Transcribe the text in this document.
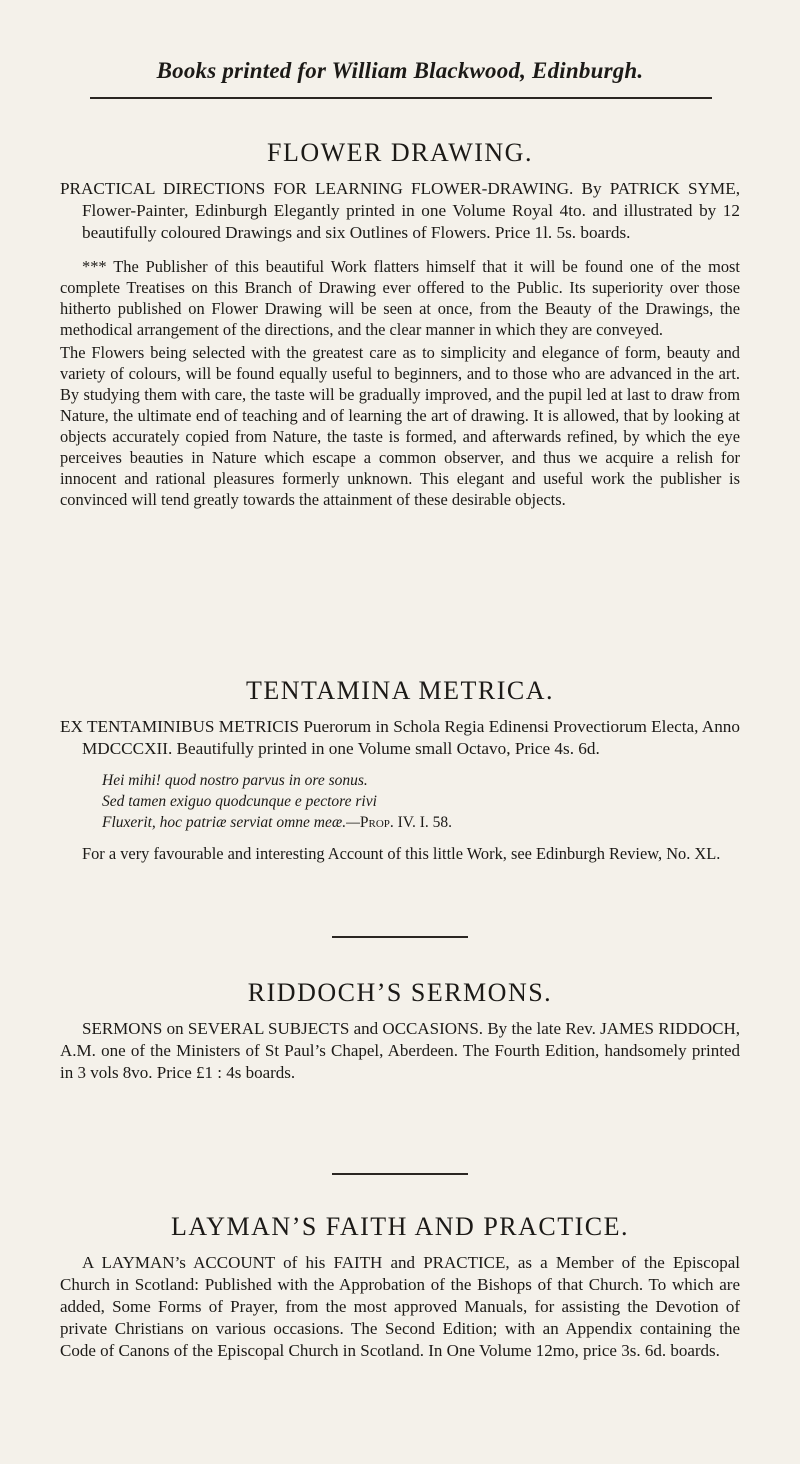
Books printed for William Blackwood, Edinburgh.
FLOWER DRAWING.

PRACTICAL DIRECTIONS FOR LEARNING FLOWER-DRAWING. By PATRICK SYME, Flower-Painter, Edinburgh Elegantly printed in one Volume Royal 4to. and illustrated by 12 beautifully coloured Drawings and six Outlines of Flowers. Price 1l. 5s. boards.

*** The Publisher of this beautiful Work flatters himself that it will be found one of the most complete Treatises on this Branch of Drawing ever offered to the Public. Its superiority over those hitherto published on Flower Drawing will be seen at once, from the Beauty of the Drawings, the methodical arrangement of the directions, and the clear manner in which they are conveyed.

The Flowers being selected with the greatest care as to simplicity and elegance of form, beauty and variety of colours, will be found equally useful to beginners, and to those who are advanced in the art. By studying them with care, the taste will be gradually improved, and the pupil led at last to draw from Nature, the ultimate end of teaching and of learning the art of drawing. It is allowed, that by looking at objects accurately copied from Nature, the taste is formed, and afterwards refined, by which the eye perceives beauties in Nature which escape a common observer, and thus we acquire a relish for innocent and rational pleasures formerly unknown. This elegant and useful work the publisher is convinced will tend greatly towards the attainment of these desirable objects.

TENTAMINA METRICA.

EX TENTAMINIBUS METRICIS Puerorum in Schola Regia Edinensi Provectiorum Electa, Anno MDCCCXII. Beautifully printed in one Volume small Octavo, Price 4s. 6d.

Hei mihi! quod nostro parvus in ore sonus.
Sed tamen exiguo quodcunque e pectore rivi
Fluxerit, hoc patriæ serviat omne meæ.—Prop. IV. I. 58.

For a very favourable and interesting Account of this little Work, see Edinburgh Review, No. XL.

RIDDOCH’S SERMONS.

SERMONS on SEVERAL SUBJECTS and OCCASIONS. By the late Rev. JAMES RIDDOCH, A.M. one of the Ministers of St Paul’s Chapel, Aberdeen. The Fourth Edition, handsomely printed in 3 vols 8vo. Price £1 : 4s boards.

LAYMAN’S FAITH AND PRACTICE.

A LAYMAN’s ACCOUNT of his FAITH and PRACTICE, as a Member of the Episcopal Church in Scotland: Published with the Approbation of the Bishops of that Church. To which are added, Some Forms of Prayer, from the most approved Manuals, for assisting the Devotion of private Christians on various occasions. The Second Edition; with an Appendix containing the Code of Canons of the Episcopal Church in Scotland. In One Volume 12mo, price 3s. 6d. boards.
